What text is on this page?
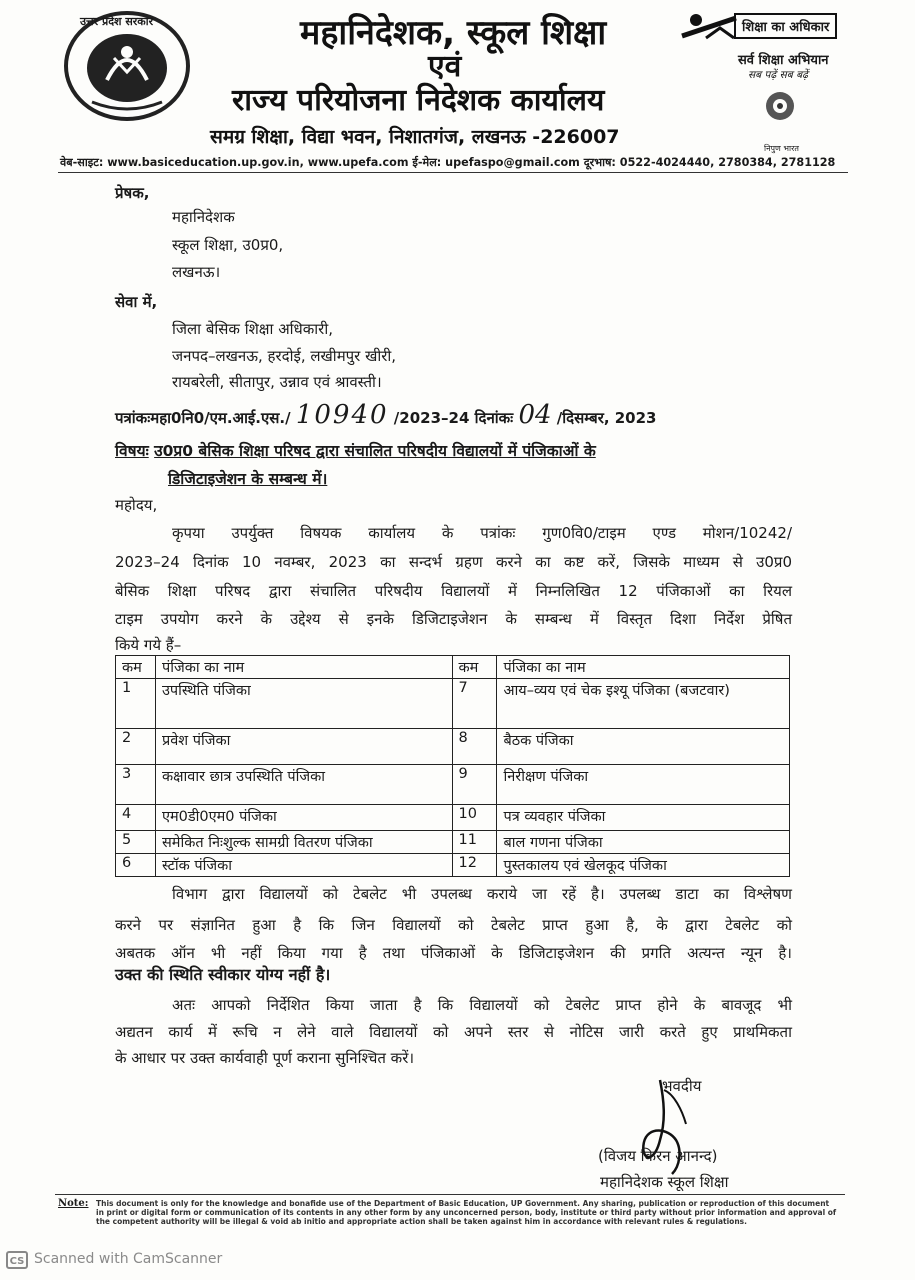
उत्तर प्रदेश सरकार	महानिदेशक, स्कूल शिक्षा
एवं
राज्य परियोजना निदेशक कार्यालय
समग्र शिक्षा, विद्या भवन, निशातगंज, लखनऊ -226007
शिक्षा का अधिकार
सर्व शिक्षा अभियान
सब पढ़ें सब बढ़ें
निपुण भारत
वेब-साइट: www.basiceducation.up.gov.in, www.upefa.com ई-मेल: upefaspo@gmail.com दूरभाष: 0522-4024440, 2780384, 2781128
प्रेषक,
महानिदेशक
स्कूल शिक्षा, उ0प्र0,
लखनऊ।
सेवा में,
जिला बेसिक शिक्षा अधिकारी,
जनपद–लखनऊ, हरदोई, लखीमपुर खीरी,
रायबरेली, सीतापुर, उन्नाव एवं श्रावस्ती।
पत्रांकःमहा0नि0/एम.आई.एस./ 10940 /2023–24 दिनांकः 04 /दिसम्बर, 2023
विषयः उ0प्र0 बेसिक शिक्षा परिषद द्वारा संचालित परिषदीय विद्यालयों में पंजिकाओं के
डिजिटाइजेशन के सम्बन्ध में।
महोदय,
कृपया उपर्युक्त विषयक कार्यालय के पत्रांकः गुण0वि0/टाइम एण्ड मोशन/10242/
2023–24 दिनांक 10 नवम्बर, 2023 का सन्दर्भ ग्रहण करने का कष्ट करें, जिसके माध्यम से उ0प्र0
बेसिक शिक्षा परिषद द्वारा संचालित परिषदीय विद्यालयों में निम्नलिखित 12 पंजिकाओं का रियल
टाइम उपयोग करने के उद्देश्य से इनके डिजिटाइजेशन के सम्बन्ध में विस्तृत दिशा निर्देश प्रेषित
किये गये हैं–
कम	पंजिका का नाम	कम	पंजिका का नाम
1	उपस्थिति पंजिका	7	आय–व्यय एवं चेक इश्यू पंजिका (बजटवार)
2	प्रवेश पंजिका	8	बैठक पंजिका
3	कक्षावार छात्र उपस्थिति पंजिका	9	निरीक्षण पंजिका
4	एम0डी0एम0 पंजिका	10	पत्र व्यवहार पंजिका
5	समेकित निःशुल्क सामग्री वितरण पंजिका	11	बाल गणना पंजिका
6	स्टॉक पंजिका	12	पुस्तकालय एवं खेलकूद पंजिका
विभाग द्वारा विद्यालयों को टेबलेट भी उपलब्ध कराये जा रहें है। उपलब्ध डाटा का विश्लेषण
करने पर संज्ञानित हुआ है कि जिन विद्यालयों को टेबलेट प्राप्त हुआ है, के द्वारा टेबलेट को
अबतक ऑन भी नहीं किया गया है तथा पंजिकाओं के डिजिटाइजेशन की प्रगति अत्यन्त न्यून है।
उक्त की स्थिति स्वीकार योग्य नहीं है।
अतः आपको निर्देशित किया जाता है कि विद्यालयों को टेबलेट प्राप्त होने के बावजूद भी
अद्यतन कार्य में रूचि न लेने वाले विद्यालयों को अपने स्तर से नोटिस जारी करते हुए प्राथमिकता
के आधार पर उक्त कार्यवाही पूर्ण कराना सुनिश्चित करें।
भवदीय
(विजय किरन आनन्द)
महानिदेशक स्कूल शिक्षा
Note: This document is only for the knowledge and bonafide use of the Department of Basic Education, UP Government. Any sharing, publication or reproduction of this document in print or digital form or communication of its contents in any other form by any unconcerned person, body, institute or third party without prior information and approval of the competent authority will be illegal & void ab initio and appropriate action shall be taken against him in accordance with relevant rules & regulations.
CS Scanned with CamScanner
